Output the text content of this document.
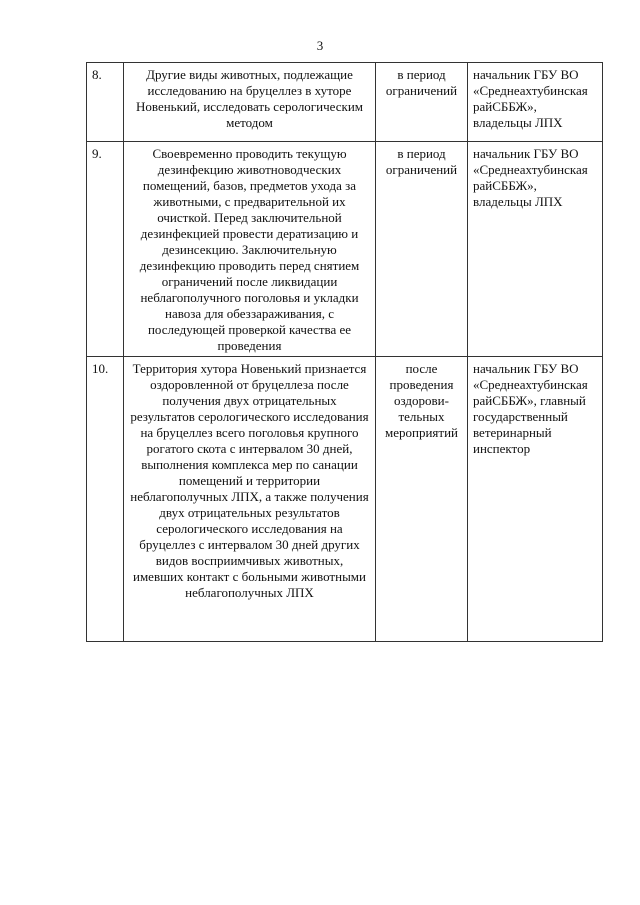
3
8.	Другие виды животных, подлежащие исследованию на бруцеллез в хуторе Новенький, исследовать серологическим методом	в период ограничений	начальник ГБУ ВО «Среднеахтубинская райСББЖ», владельцы ЛПХ
9.	Своевременно проводить текущую дезинфекцию животноводческих помещений, базов, предметов ухода за животными, с предварительной их очисткой. Перед заключительной дезинфекцией провести дератизацию и дезинсекцию. Заключительную дезинфекцию проводить перед снятием ограничений после ликвидации неблагополучного поголовья и укладки навоза для обеззараживания, с последующей проверкой качества ее проведения	в период ограничений	начальник ГБУ ВО «Среднеахтубинская райСББЖ», владельцы ЛПХ
10.	Территория хутора Новенький признается оздоровленной от бруцеллеза после получения двух отрицательных результатов серологического исследования на бруцеллез всего поголовья крупного рогатого скота с интервалом 30 дней, выполнения комплекса мер по санации помещений и территории неблагополучных ЛПХ, а также получения двух отрицательных результатов серологического исследования на бруцеллез с интервалом 30 дней других видов восприимчивых животных, имевших контакт с больными животными неблагополучных ЛПХ	после проведения оздорови-тельных мероприятий	начальник ГБУ ВО «Среднеахтубинская райСББЖ», главный государственный ветеринарный инспектор
